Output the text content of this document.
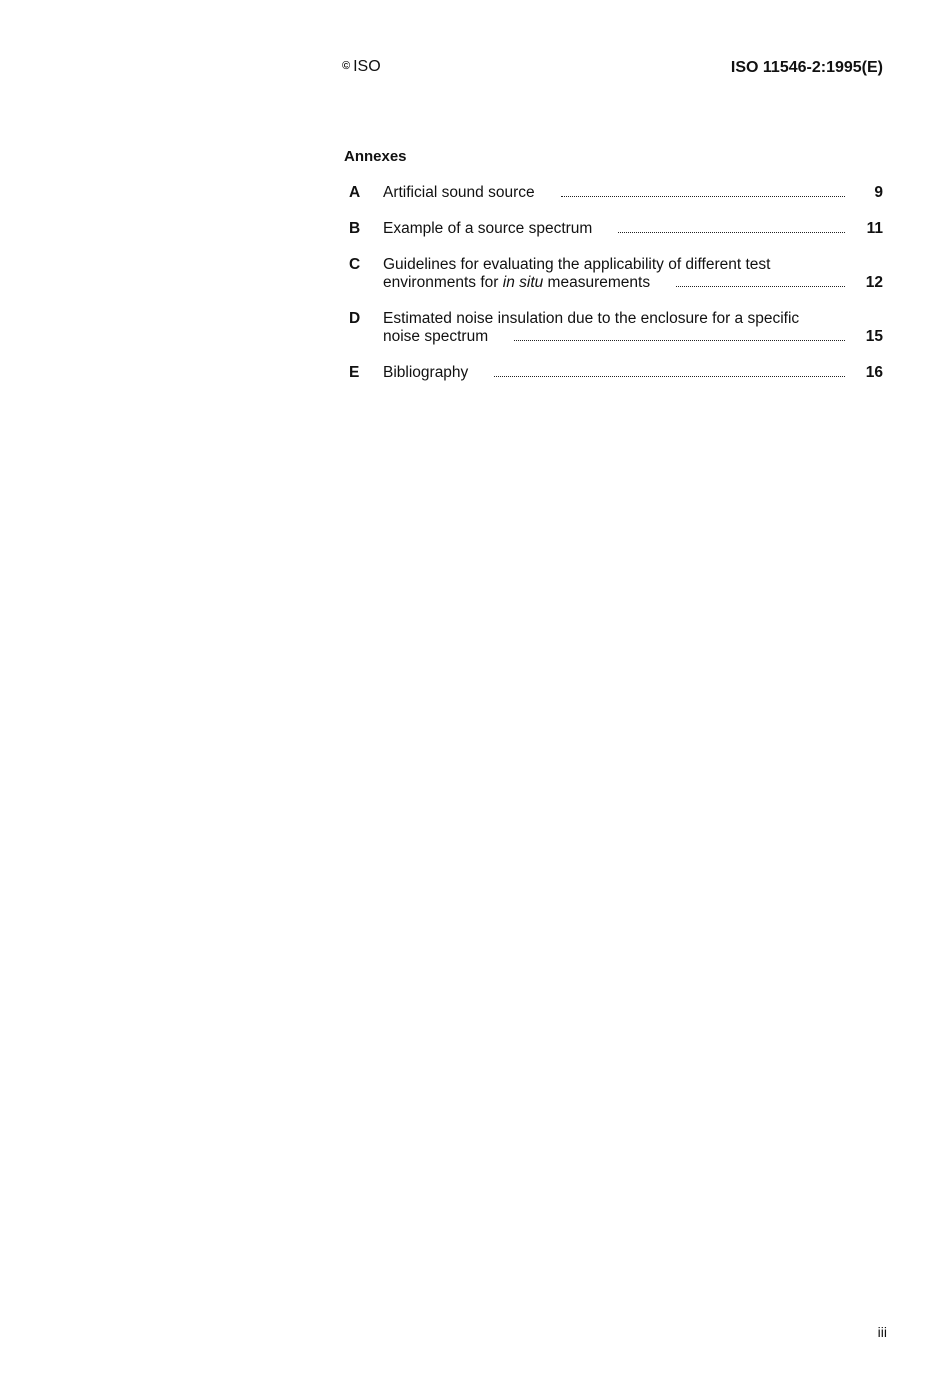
© ISO	ISO 11546-2:1995(E)
Annexes
A Artificial sound source	9
B Example of a source spectrum	11
C Guidelines for evaluating the applicability of different test
environments for in situ measurements	12
D Estimated noise insulation due to the enclosure for a specific
noise spectrum	15
E Bibliography	16
iii
